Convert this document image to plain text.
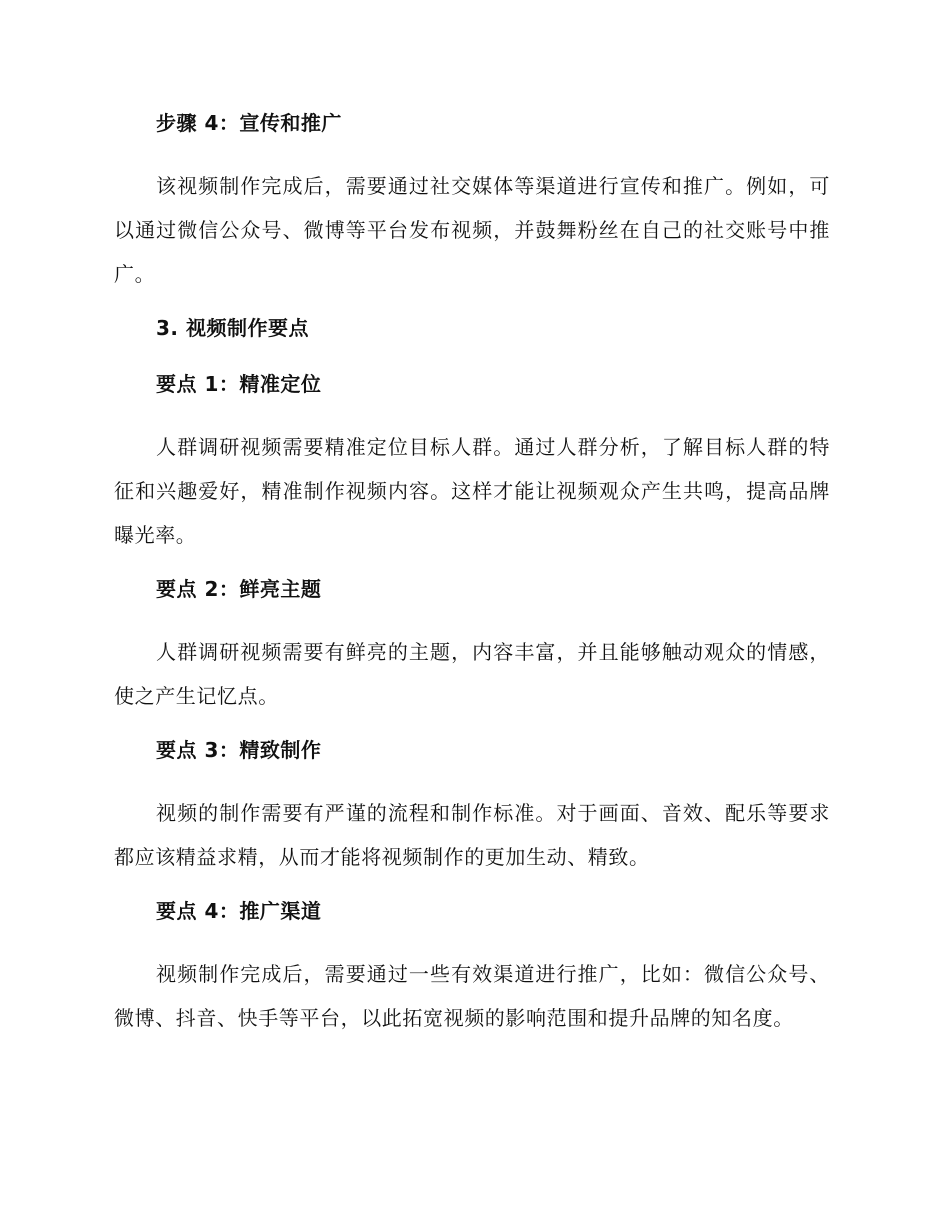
步骤 4：宣传和推广

该视频制作完成后，需要通过社交媒体等渠道进行宣传和推广。例如，可以通过微信公众号、微博等平台发布视频，并鼓舞粉丝在自己的社交账号中推广。

3. 视频制作要点
要点 1：精准定位

人群调研视频需要精准定位目标人群。通过人群分析，了解目标人群的特征和兴趣爱好，精准制作视频内容。这样才能让视频观众产生共鸣，提高品牌曝光率。

要点 2：鲜亮主题

人群调研视频需要有鲜亮的主题，内容丰富，并且能够触动观众的情感，使之产生记忆点。

要点 3：精致制作

视频的制作需要有严谨的流程和制作标准。对于画面、音效、配乐等要求都应该精益求精，从而才能将视频制作的更加生动、精致。

要点 4：推广渠道

视频制作完成后，需要通过一些有效渠道进行推广，比如：微信公众号、微博、抖音、快手等平台，以此拓宽视频的影响范围和提升品牌的知名度。
